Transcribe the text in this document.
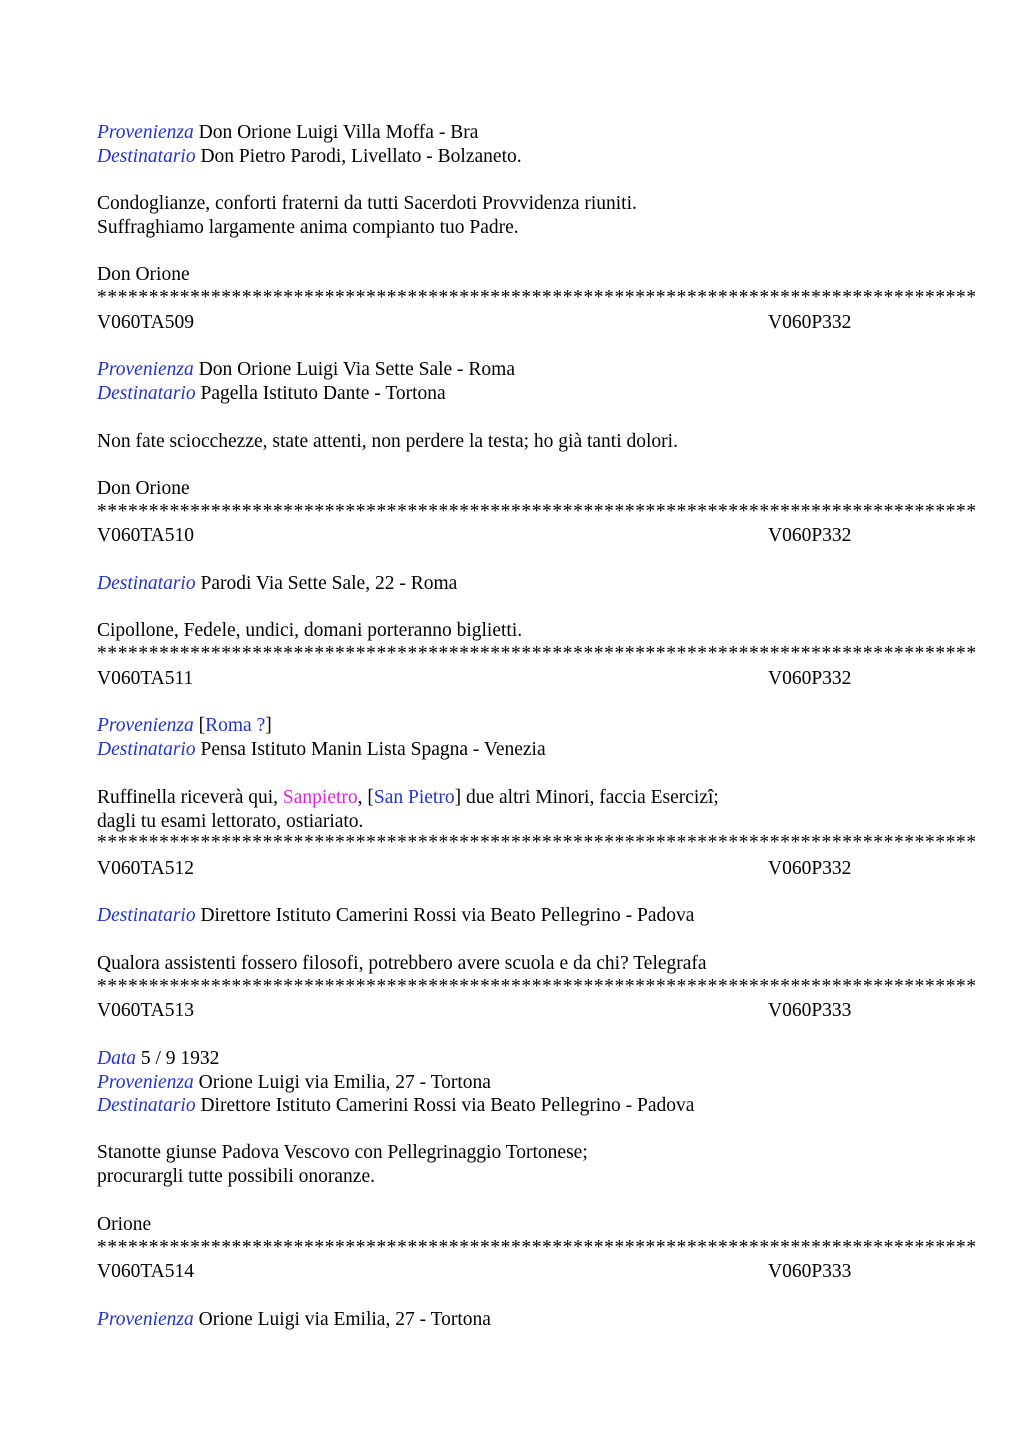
Provenienza Don Orione Luigi Villa Moffa - Bra
Destinatario Don Pietro Parodi, Livellato - Bolzaneto.
Condoglianze, conforti fraterni da tutti Sacerdoti Provvidenza riuniti.
Suffraghiamo largamente anima compianto tuo Padre.
Don Orione
*************************************************************************************
V060TA509	V060P332
Provenienza Don Orione Luigi Via Sette Sale - Roma
Destinatario Pagella Istituto Dante - Tortona
Non fate sciocchezze, state attenti, non perdere la testa; ho già tanti dolori.
Don Orione
*************************************************************************************
V060TA510	V060P332
Destinatario Parodi Via Sette Sale, 22 - Roma
Cipollone, Fedele, undici, domani porteranno biglietti.
*************************************************************************************
V060TA511	V060P332
Provenienza [Roma ?]
Destinatario Pensa Istituto Manin Lista Spagna - Venezia
Ruffinella riceverà qui, Sanpietro, [San Pietro] due altri Minori, faccia Esercizi;
dagli tu esami lettorato, ostiariato.
*************************************************************************************
V060TA512	V060P332
Destinatario Direttore Istituto Camerini Rossi via Beato Pellegrino - Padova
Qualora assistenti fossero filosofi, potrebbero avere scuola e da chi? Telegrafa
*************************************************************************************
V060TA513	V060P333
Data 5 / 9 1932
Provenienza Orione Luigi via Emilia, 27 - Tortona
Destinatario Direttore Istituto Camerini Rossi via Beato Pellegrino - Padova
Stanotte giunse Padova Vescovo con Pellegrinaggio Tortonese;
procurargli tutte possibili onoranze.
Orione
*************************************************************************************
V060TA514	V060P333
Provenienza Orione Luigi via Emilia, 27 - Tortona
